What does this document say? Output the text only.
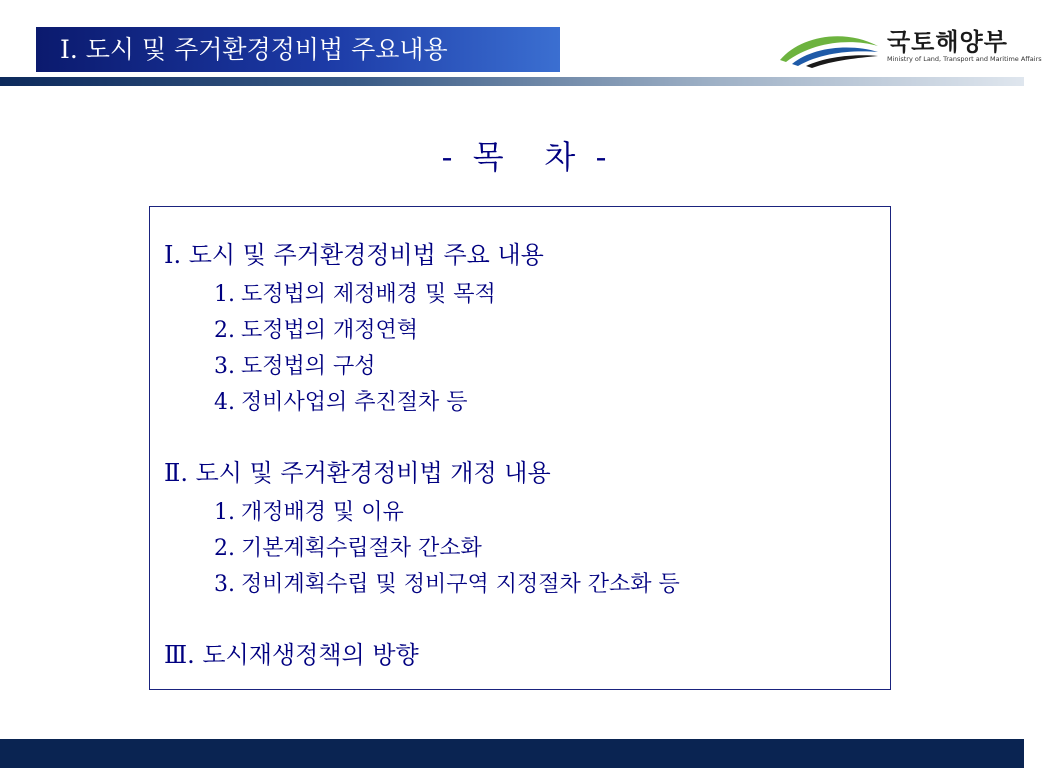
Ⅰ. 도시 및 주거환경정비법 주요내용	국토해양부
Ministry of Land, Transport and Maritime Affairs
-  목    차  -
Ⅰ. 도시 및 주거환경정비법 주요 내용
1. 도정법의 제정배경 및 목적
2. 도정법의 개정연혁
3. 도정법의 구성
4. 정비사업의 추진절차 등
Ⅱ. 도시 및 주거환경정비법 개정 내용
1. 개정배경 및 이유
2. 기본계획수립절차 간소화
3. 정비계획수립 및 정비구역 지정절차 간소화 등
Ⅲ. 도시재생정책의 방향
